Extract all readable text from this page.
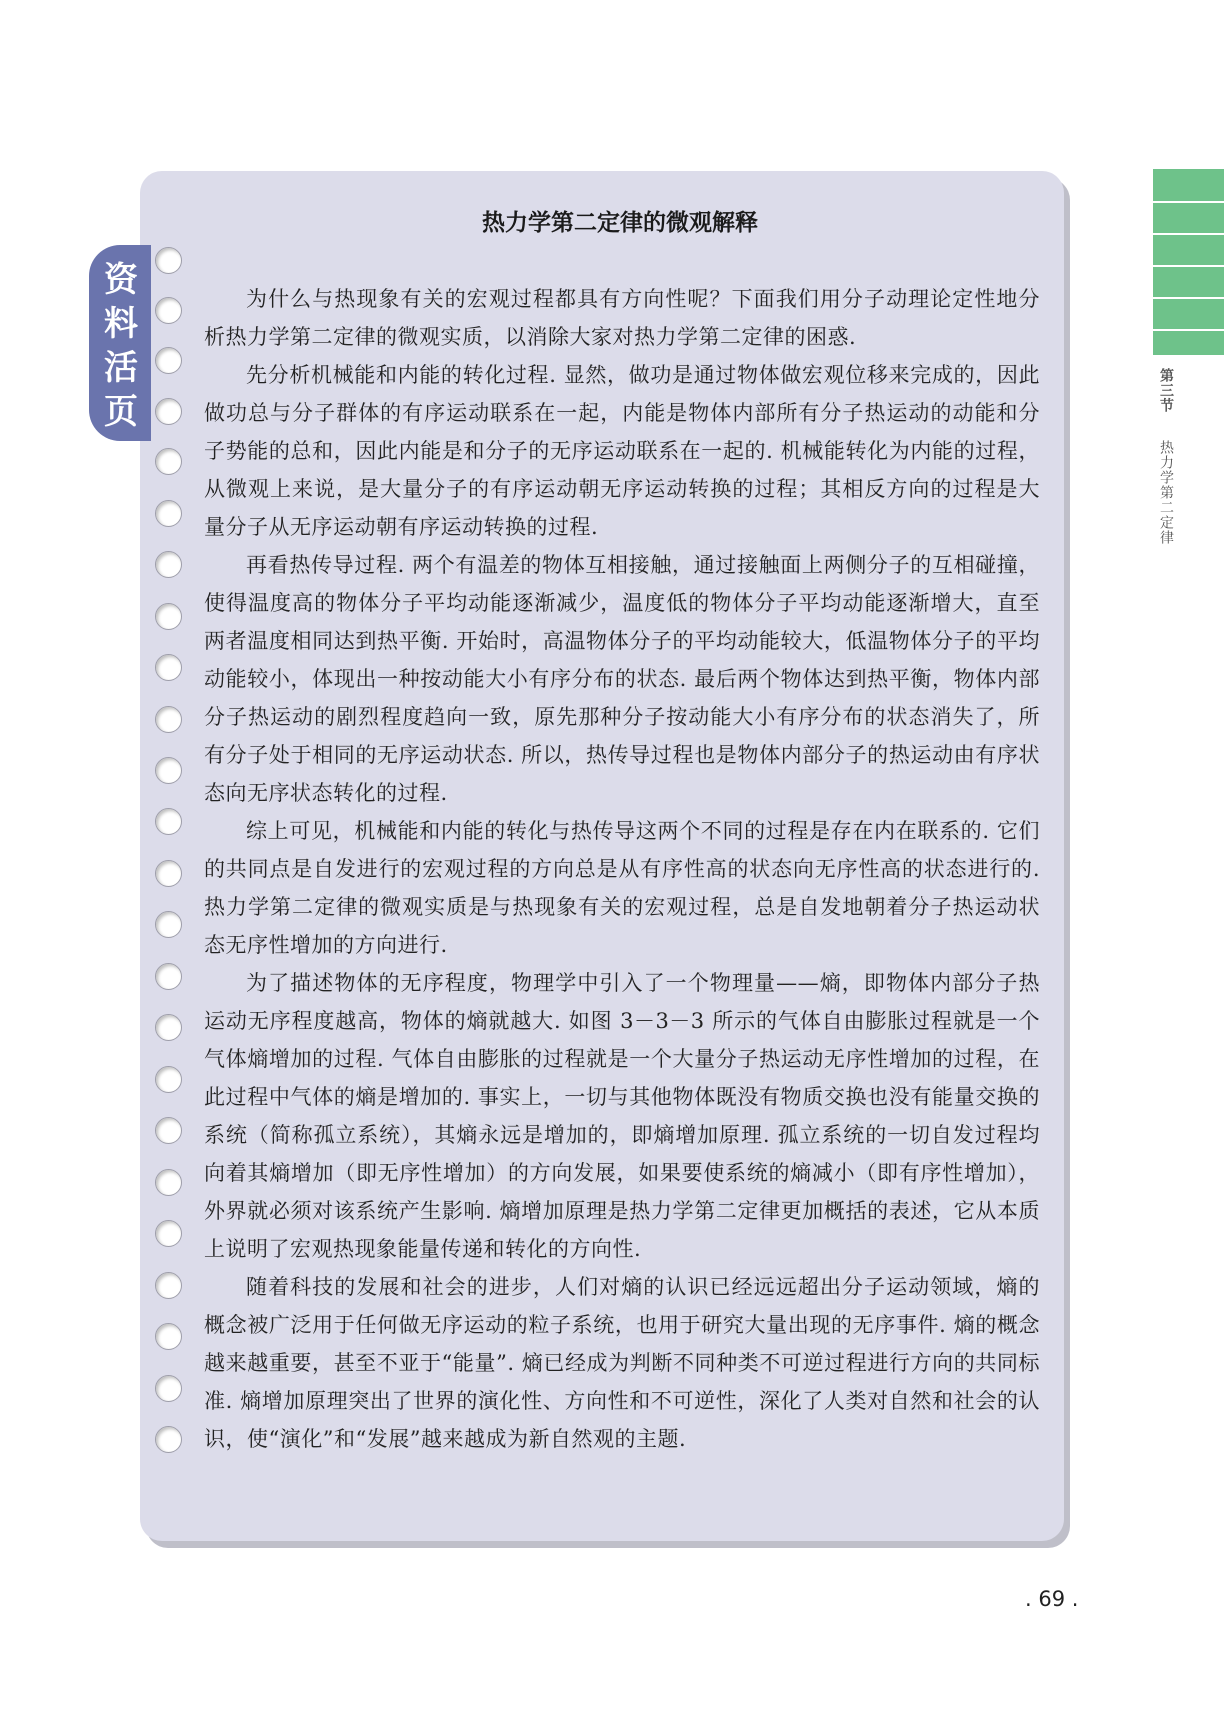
第三节
热力学第二定律
资
料
活
页
热力学第二定律的微观解释

为什么与热现象有关的宏观过程都具有方向性呢？下面我们用分子动理论定性地分析热力学第二定律的微观实质，以消除大家对热力学第二定律的困惑.

先分析机械能和内能的转化过程. 显然，做功是通过物体做宏观位移来完成的，因此做功总与分子群体的有序运动联系在一起，内能是物体内部所有分子热运动的动能和分子势能的总和，因此内能是和分子的无序运动联系在一起的. 机械能转化为内能的过程，从微观上来说，是大量分子的有序运动朝无序运动转换的过程；其相反方向的过程是大量分子从无序运动朝有序运动转换的过程.

再看热传导过程. 两个有温差的物体互相接触，通过接触面上两侧分子的互相碰撞，使得温度高的物体分子平均动能逐渐减少，温度低的物体分子平均动能逐渐增大，直至两者温度相同达到热平衡. 开始时，高温物体分子的平均动能较大，低温物体分子的平均动能较小，体现出一种按动能大小有序分布的状态. 最后两个物体达到热平衡，物体内部分子热运动的剧烈程度趋向一致，原先那种分子按动能大小有序分布的状态消失了，所有分子处于相同的无序运动状态. 所以，热传导过程也是物体内部分子的热运动由有序状态向无序状态转化的过程.

综上可见，机械能和内能的转化与热传导这两个不同的过程是存在内在联系的. 它们的共同点是自发进行的宏观过程的方向总是从有序性高的状态向无序性高的状态进行的. 热力学第二定律的微观实质是与热现象有关的宏观过程，总是自发地朝着分子热运动状态无序性增加的方向进行.

为了描述物体的无序程度，物理学中引入了一个物理量——熵，即物体内部分子热运动无序程度越高，物体的熵就越大. 如图 3－3－3 所示的气体自由膨胀过程就是一个气体熵增加的过程. 气体自由膨胀的过程就是一个大量分子热运动无序性增加的过程，在此过程中气体的熵是增加的. 事实上，一切与其他物体既没有物质交换也没有能量交换的系统（简称孤立系统），其熵永远是增加的，即熵增加原理. 孤立系统的一切自发过程均向着其熵增加（即无序性增加）的方向发展，如果要使系统的熵减小（即有序性增加），外界就必须对该系统产生影响. 熵增加原理是热力学第二定律更加概括的表述，它从本质上说明了宏观热现象能量传递和转化的方向性.

随着科技的发展和社会的进步，人们对熵的认识已经远远超出分子运动领域，熵的概念被广泛用于任何做无序运动的粒子系统，也用于研究大量出现的无序事件. 熵的概念越来越重要，甚至不亚于“能量”. 熵已经成为判断不同种类不可逆过程进行方向的共同标准. 熵增加原理突出了世界的演化性、方向性和不可逆性，深化了人类对自然和社会的认识，使“演化”和“发展”越来越成为新自然观的主题.

. 69 .
